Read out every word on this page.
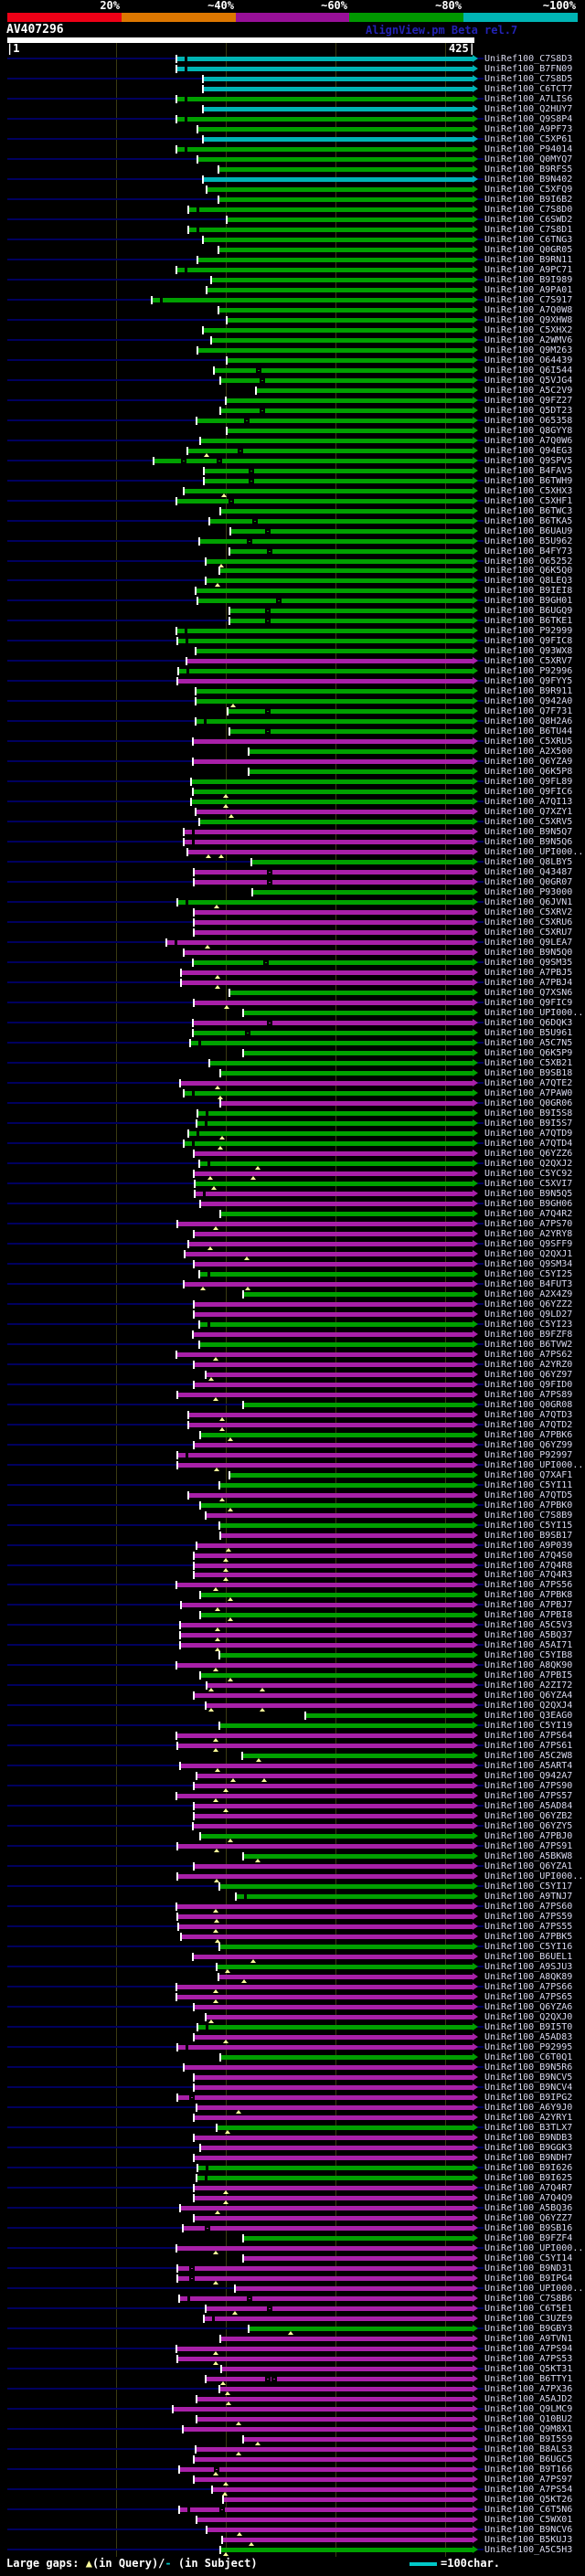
20%	~40%	~60%	~80%	~100%
AV407296	AlignView.pm Beta rel.7
|1	425|
UniRef100_C7S8D3
UniRef100_B7FN09
UniRef100_C7S8D5
UniRef100_C6TCT7
UniRef100_A7LIS6
UniRef100_Q2HUY7
UniRef100_Q9S8P4
UniRef100_A9PF73
UniRef100_C5XP61
UniRef100_P94014
UniRef100_Q0MYQ7
UniRef100_B9RFS5
UniRef100_B9N402
UniRef100_C5XFQ9
UniRef100_B9I6B2
UniRef100_C7S8D0
UniRef100_C6SWD2
UniRef100_C7S8D1
UniRef100_C6TNG3
UniRef100_Q0GR05
UniRef100_B9RN11
UniRef100_A9PC71
UniRef100_B9I989
UniRef100_A9PA01
UniRef100_C7S917
UniRef100_A7Q0W8
UniRef100_Q9XHW8
UniRef100_C5XHX2
UniRef100_A2WMV6
UniRef100_Q9M263
UniRef100_O64439
UniRef100_Q6I544
UniRef100_Q5VJG4
UniRef100_A5C2V9
UniRef100_Q9FZ27
UniRef100_Q5DT23
UniRef100_O65358
UniRef100_Q8GYY8
UniRef100_A7Q0W6
UniRef100_Q94EG3
UniRef100_Q9SPV5
UniRef100_B4FAV5
UniRef100_B6TWH9
UniRef100_C5XHX3
UniRef100_C5XHF1
UniRef100_B6TWC3
UniRef100_B6TKA5
UniRef100_B6UAU9
UniRef100_B5U962
UniRef100_B4FY73
UniRef100_O65252
UniRef100_Q6K5Q0
UniRef100_Q8LEQ3
UniRef100_B9IEI8
UniRef100_B9GH01
UniRef100_B6UGQ9
UniRef100_B6TKE1
UniRef100_P92999
UniRef100_Q9FIC8
UniRef100_Q93WX8
UniRef100_C5XRV7
UniRef100_P92996
UniRef100_Q9FYY5
UniRef100_B9R911
UniRef100_Q942A0
UniRef100_Q7F731
UniRef100_Q8H2A6
UniRef100_B6TU44
UniRef100_C5XRU5
UniRef100_A2X500
UniRef100_Q6YZA9
UniRef100_Q6K5P8
UniRef100_Q9FL89
UniRef100_Q9FIC6
UniRef100_A7QI13
UniRef100_Q7XZY1
UniRef100_C5XRV5
UniRef100_B9N5Q7
UniRef100_B9N5Q6
UniRef100_UPI000..
UniRef100_Q8LBY5
UniRef100_Q43487
UniRef100_Q0GR07
UniRef100_P93000
UniRef100_Q6JVN1
UniRef100_C5XRV2
UniRef100_C5XRU6
UniRef100_C5XRU7
UniRef100_Q9LEA7
UniRef100_B9N5Q0
UniRef100_Q9SM35
UniRef100_A7PBJ5
UniRef100_A7PBJ4
UniRef100_Q7XSN6
UniRef100_Q9FIC9
UniRef100_UPI000..
UniRef100_Q6DQK3
UniRef100_B5U961
UniRef100_A5C7N5
UniRef100_Q6K5P9
UniRef100_C5XB21
UniRef100_B9SB18
UniRef100_A7QTE2
UniRef100_A7PAW0
UniRef100_Q0GR06
UniRef100_B9I5S8
UniRef100_B9I5S7
UniRef100_A7QTD9
UniRef100_A7QTD4
UniRef100_Q6YZZ6
UniRef100_Q2QXJ2
UniRef100_C5YC92
UniRef100_C5XVI7
UniRef100_B9N5Q5
UniRef100_B9GH06
UniRef100_A7Q4R2
UniRef100_A7PS70
UniRef100_A2YRY8
UniRef100_Q9SFF9
UniRef100_Q2QXJ1
UniRef100_Q9SM34
UniRef100_C5YI25
UniRef100_B4FUT3
UniRef100_A2X4Z9
UniRef100_Q6YZZ2
UniRef100_Q9LD27
UniRef100_C5YI23
UniRef100_B9FZF8
UniRef100_B6TVW2
UniRef100_A7PS62
UniRef100_A2YRZ0
UniRef100_Q6YZ97
UniRef100_Q9FID0
UniRef100_A7PS89
UniRef100_Q0GR08
UniRef100_A7QTD3
UniRef100_A7QTD2
UniRef100_A7PBK6
UniRef100_Q6YZ99
UniRef100_P92997
UniRef100_UPI000..
UniRef100_Q7XAF1
UniRef100_C5YI11
UniRef100_A7QTD5
UniRef100_A7PBK0
UniRef100_C7S8B9
UniRef100_C5YI15
UniRef100_B9SB17
UniRef100_A9P039
UniRef100_A7Q4S0
UniRef100_A7Q4R8
UniRef100_A7Q4R3
UniRef100_A7PS56
UniRef100_A7PBK8
UniRef100_A7PBJ7
UniRef100_A7PBI8
UniRef100_A5C5V3
UniRef100_A5BQ37
UniRef100_A5AI71
UniRef100_C5YIB8
UniRef100_A8QK90
UniRef100_A7PBI5
UniRef100_A2ZI72
UniRef100_Q6YZA4
UniRef100_Q2QXJ4
UniRef100_Q3EAG0
UniRef100_C5YI19
UniRef100_A7PS64
UniRef100_A7PS61
UniRef100_A5C2W8
UniRef100_A5ART4
UniRef100_Q942A7
UniRef100_A7PS90
UniRef100_A7PS57
UniRef100_A5AD84
UniRef100_Q6YZB2
UniRef100_Q6YZY5
UniRef100_A7PBJ0
UniRef100_A7PS91
UniRef100_A5BKW8
UniRef100_Q6YZA1
UniRef100_UPI000..
UniRef100_C5YI17
UniRef100_A9TNJ7
UniRef100_A7PS60
UniRef100_A7PS59
UniRef100_A7PS55
UniRef100_A7PBK5
UniRef100_C5YI16
UniRef100_B6UEL1
UniRef100_A9SJU3
UniRef100_A8QK89
UniRef100_A7PS66
UniRef100_A7PS65
UniRef100_Q6YZA6
UniRef100_Q2QXJ0
UniRef100_B9I5T0
UniRef100_A5AD83
UniRef100_P92995
UniRef100_C6T0Q1
UniRef100_B9N5R6
UniRef100_B9NCV5
UniRef100_B9NCV4
UniRef100_B9IPG2
UniRef100_A6Y9J0
UniRef100_A2YRY1
UniRef100_B3TLX7
UniRef100_B9NDB3
UniRef100_B9GGK3
UniRef100_B9NDH7
UniRef100_B9I626
UniRef100_B9I625
UniRef100_A7Q4R7
UniRef100_A7Q4Q9
UniRef100_A5BQ36
UniRef100_Q6YZZ7
UniRef100_B9SB16
UniRef100_B9FZF4
UniRef100_UPI000..
UniRef100_C5YI14
UniRef100_B9ND31
UniRef100_B9IPG4
UniRef100_UPI000..
UniRef100_C7S8B6
UniRef100_C6T5E1
UniRef100_C3UZE9
UniRef100_B9GBY3
UniRef100_A9TVN1
UniRef100_A7PS94
UniRef100_A7PS53
UniRef100_Q5KT31
UniRef100_B6TTY1
UniRef100_A7PX36
UniRef100_A5AJD2
UniRef100_Q9LMC9
UniRef100_Q10BU2
UniRef100_Q9M8X1
UniRef100_B9I5S9
UniRef100_B8ALS3
UniRef100_B6UGC5
UniRef100_B9T166
UniRef100_A7PS97
UniRef100_A7PS54
UniRef100_Q5KT26
UniRef100_C6T5N6
UniRef100_C5WX01
UniRef100_B9NCV6
UniRef100_B5KUJ3
UniRef100_A5C5H3
Large gaps: ▲(in Query)/- (in Subject)	=100char.
